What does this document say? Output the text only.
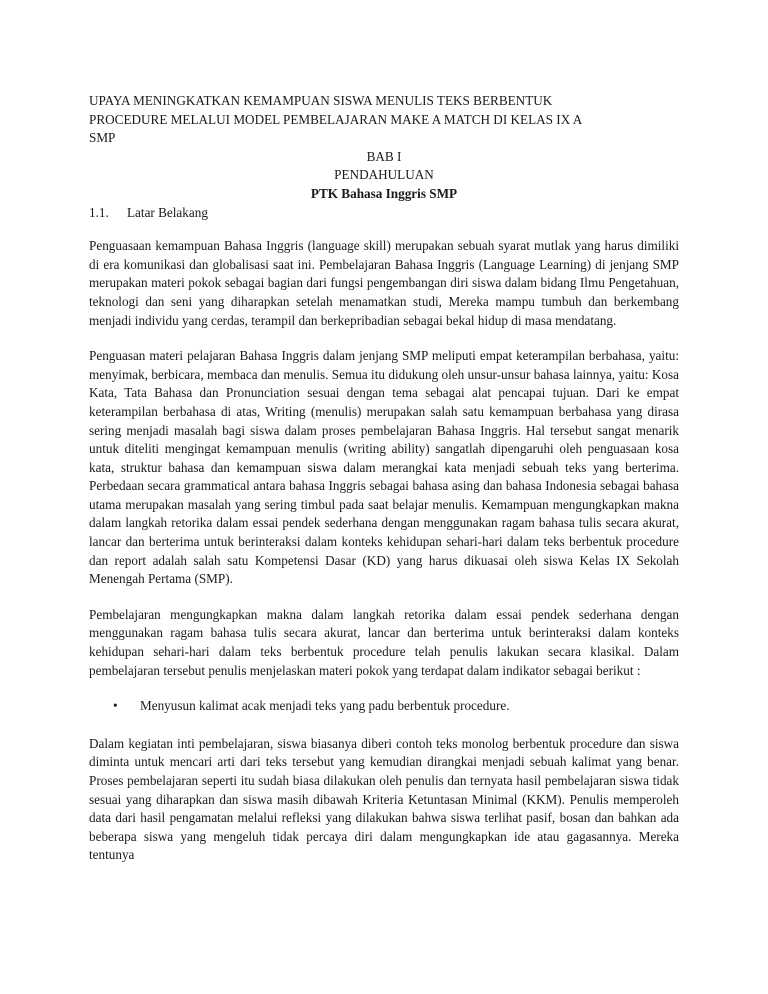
UPAYA MENINGKATKAN KEMAMPUAN SISWA MENULIS TEKS BERBENTUK

PROCEDURE MELALUI MODEL PEMBELAJARAN MAKE A MATCH DI KELAS IX A

SMP

BAB I

PENDAHULUAN

PTK Bahasa Inggris SMP

1.1. Latar Belakang

Penguasaan kemampuan Bahasa Inggris (language skill) merupakan sebuah syarat mutlak yang harus dimiliki di era komunikasi dan globalisasi saat ini. Pembelajaran Bahasa Inggris (Language Learning) di jenjang SMP merupakan materi pokok sebagai bagian dari fungsi pengembangan diri siswa dalam bidang Ilmu Pengetahuan, teknologi dan seni yang diharapkan setelah menamatkan studi, Mereka mampu tumbuh dan berkembang menjadi individu yang cerdas, terampil dan berkepribadian sebagai bekal hidup di masa mendatang.

Penguasan materi pelajaran Bahasa Inggris dalam jenjang SMP meliputi empat keterampilan berbahasa, yaitu: menyimak, berbicara, membaca dan menulis. Semua itu didukung oleh unsur-unsur bahasa lainnya, yaitu: Kosa Kata, Tata Bahasa dan Pronunciation sesuai dengan tema sebagai alat pencapai tujuan. Dari ke empat keterampilan berbahasa di atas, Writing (menulis) merupakan salah satu kemampuan berbahasa yang dirasa sering menjadi masalah bagi siswa dalam proses pembelajaran Bahasa Inggris. Hal tersebut sangat menarik untuk diteliti mengingat kemampuan menulis (writing ability) sangatlah dipengaruhi oleh penguasaan kosa kata, struktur bahasa dan kemampuan siswa dalam merangkai kata menjadi sebuah teks yang berterima. Perbedaan secara grammatical antara bahasa Inggris sebagai bahasa asing dan bahasa Indonesia sebagai bahasa utama merupakan masalah yang sering timbul pada saat belajar menulis. Kemampuan mengungkapkan makna dalam langkah retorika dalam essai pendek sederhana dengan menggunakan ragam bahasa tulis secara akurat, lancar dan berterima untuk berinteraksi dalam konteks kehidupan sehari-hari dalam teks berbentuk procedure dan report adalah salah satu Kompetensi Dasar (KD) yang harus dikuasai oleh siswa Kelas IX Sekolah Menengah Pertama (SMP).

Pembelajaran mengungkapkan makna dalam langkah retorika dalam essai pendek sederhana dengan menggunakan ragam bahasa tulis secara akurat, lancar dan berterima untuk berinteraksi dalam konteks kehidupan sehari-hari dalam teks berbentuk procedure telah penulis lakukan secara klasikal. Dalam pembelajaran tersebut penulis menjelaskan materi pokok yang terdapat dalam indikator sebagai berikut :

• Menyusun kalimat acak menjadi teks yang padu berbentuk procedure.

Dalam kegiatan inti pembelajaran, siswa biasanya diberi contoh teks monolog berbentuk procedure dan siswa diminta untuk mencari arti dari teks tersebut yang kemudian dirangkai menjadi sebuah kalimat yang benar. Proses pembelajaran seperti itu sudah biasa dilakukan oleh penulis dan ternyata hasil pembelajaran siswa tidak sesuai yang diharapkan dan siswa masih dibawah Kriteria Ketuntasan Minimal (KKM). Penulis memperoleh data dari hasil pengamatan melalui refleksi yang dilakukan bahwa siswa terlihat pasif, bosan dan bahkan ada beberapa siswa yang mengeluh tidak percaya diri dalam mengungkapkan ide atau gagasannya. Mereka tentunya
